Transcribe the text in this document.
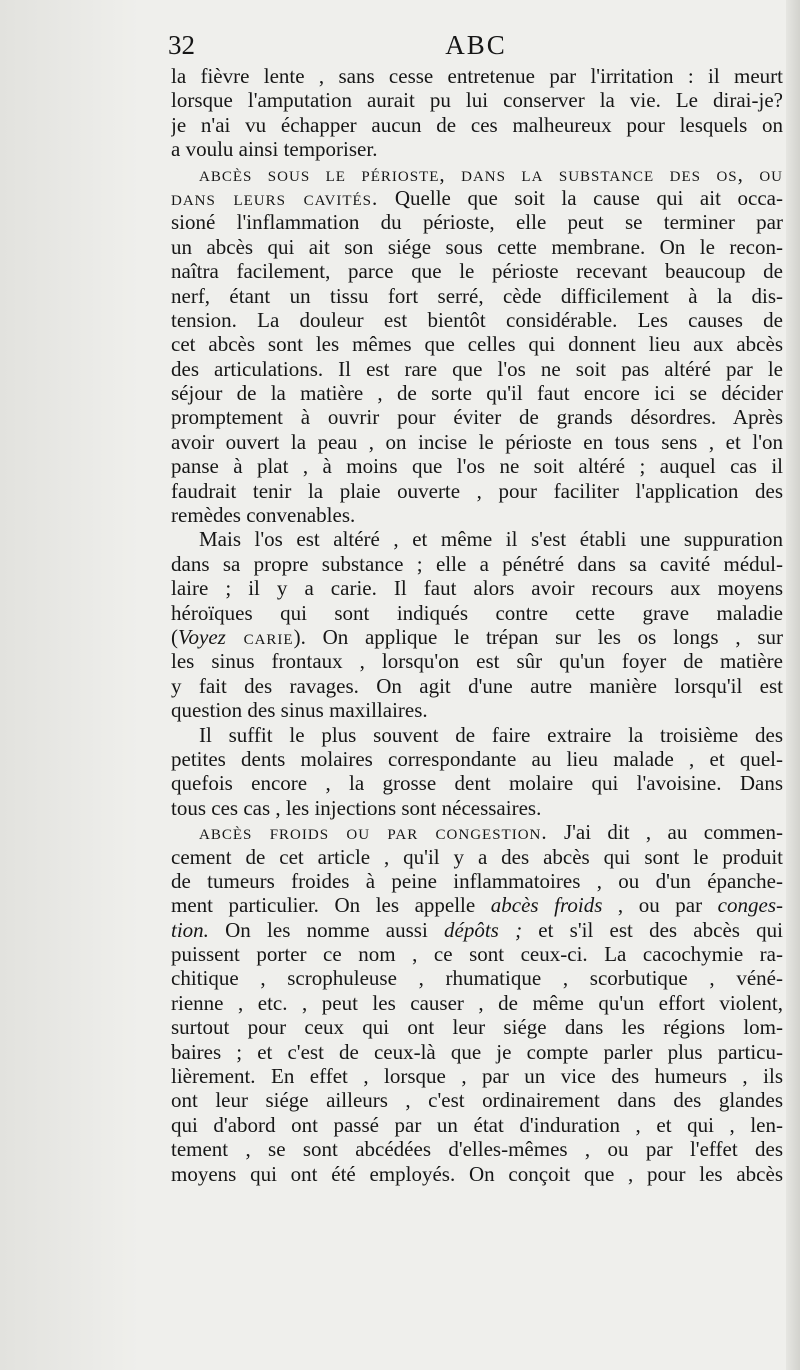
32	ABC
la fièvre lente , sans cesse entretenue par l'irritation : il meurt
lorsque l'amputation aurait pu lui conserver la vie. Le dirai-je?
je n'ai vu échapper aucun de ces malheureux pour lesquels on
a voulu ainsi temporiser.
abcès sous le périoste, dans la substance des os, ou
dans leurs cavités. Quelle que soit la cause qui ait occa-
sioné l'inflammation du périoste, elle peut se terminer par
un abcès qui ait son siége sous cette membrane. On le recon-
naîtra facilement, parce que le périoste recevant beaucoup de
nerf, étant un tissu fort serré, cède difficilement à la dis-
tension. La douleur est bientôt considérable. Les causes de
cet abcès sont les mêmes que celles qui donnent lieu aux abcès
des articulations. Il est rare que l'os ne soit pas altéré par le
séjour de la matière , de sorte qu'il faut encore ici se décider
promptement à ouvrir pour éviter de grands désordres. Après
avoir ouvert la peau , on incise le périoste en tous sens , et l'on
panse à plat , à moins que l'os ne soit altéré ; auquel cas il
faudrait tenir la plaie ouverte , pour faciliter l'application des
remèdes convenables.
Mais l'os est altéré , et même il s'est établi une suppuration
dans sa propre substance ; elle a pénétré dans sa cavité médul-
laire ; il y a carie. Il faut alors avoir recours aux moyens
héroïques qui sont indiqués contre cette grave maladie
(Voyez carie). On applique le trépan sur les os longs , sur
les sinus frontaux , lorsqu'on est sûr qu'un foyer de matière
y fait des ravages. On agit d'une autre manière lorsqu'il est
question des sinus maxillaires.
Il suffit le plus souvent de faire extraire la troisième des
petites dents molaires correspondante au lieu malade , et quel-
quefois encore , la grosse dent molaire qui l'avoisine. Dans
tous ces cas , les injections sont nécessaires.
abcès froids ou par congestion. J'ai dit , au commen-
cement de cet article , qu'il y a des abcès qui sont le produit
de tumeurs froides à peine inflammatoires , ou d'un épanche-
ment particulier. On les appelle abcès froids , ou par conges-
tion. On les nomme aussi dépôts ; et s'il est des abcès qui
puissent porter ce nom , ce sont ceux-ci. La cacochymie ra-
chitique , scrophuleuse , rhumatique , scorbutique , véné-
rienne , etc. , peut les causer , de même qu'un effort violent,
surtout pour ceux qui ont leur siége dans les régions lom-
baires ; et c'est de ceux-là que je compte parler plus particu-
lièrement. En effet , lorsque , par un vice des humeurs , ils
ont leur siége ailleurs , c'est ordinairement dans des glandes
qui d'abord ont passé par un état d'induration , et qui , len-
tement , se sont abcédées d'elles-mêmes , ou par l'effet des
moyens qui ont été employés. On conçoit que , pour les abcès
